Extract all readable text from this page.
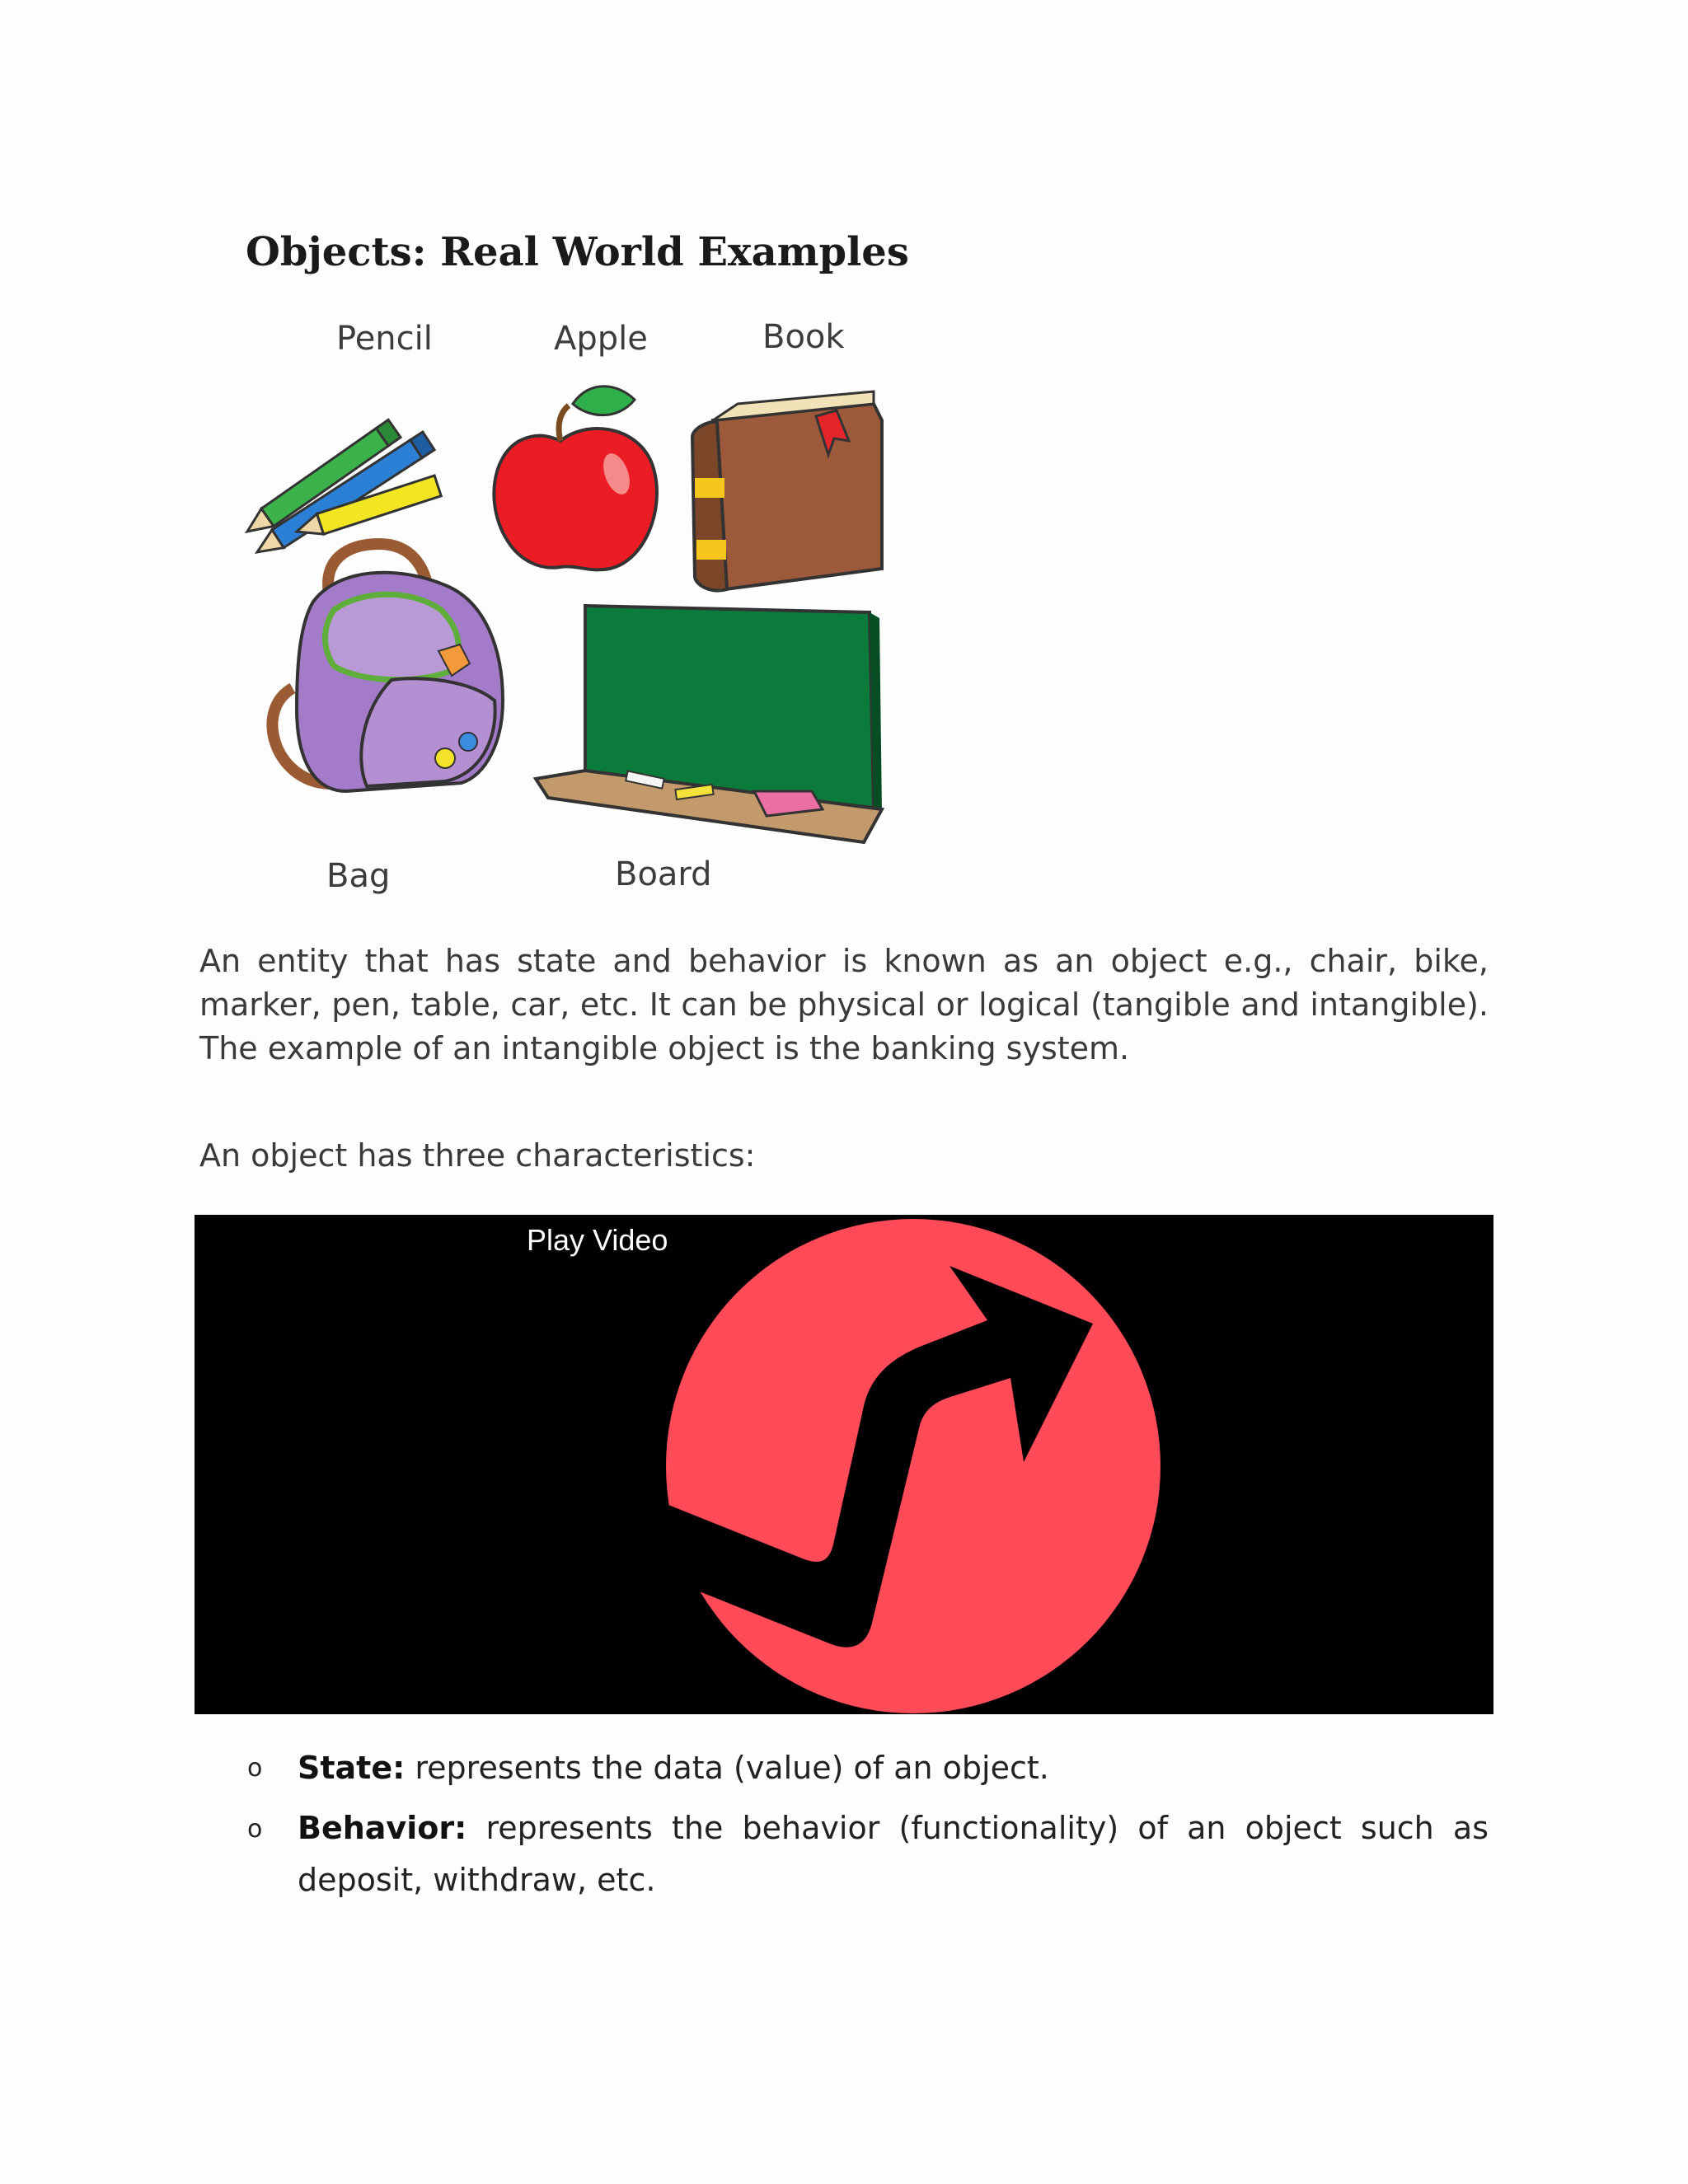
Objects: Real World Examples
Pencil	Apple	Book
Bag	Board

An entity that has state and behavior is known as an object e.g., chair, bike, marker, pen, table, car, etc. It can be physical or logical (tangible and intangible). The example of an intangible object is the banking system.

An object has three characteristics:

Play Video
o State: represents the data (value) of an object.
o Behavior: represents the behavior (functionality) of an object such as deposit, withdraw, etc.
